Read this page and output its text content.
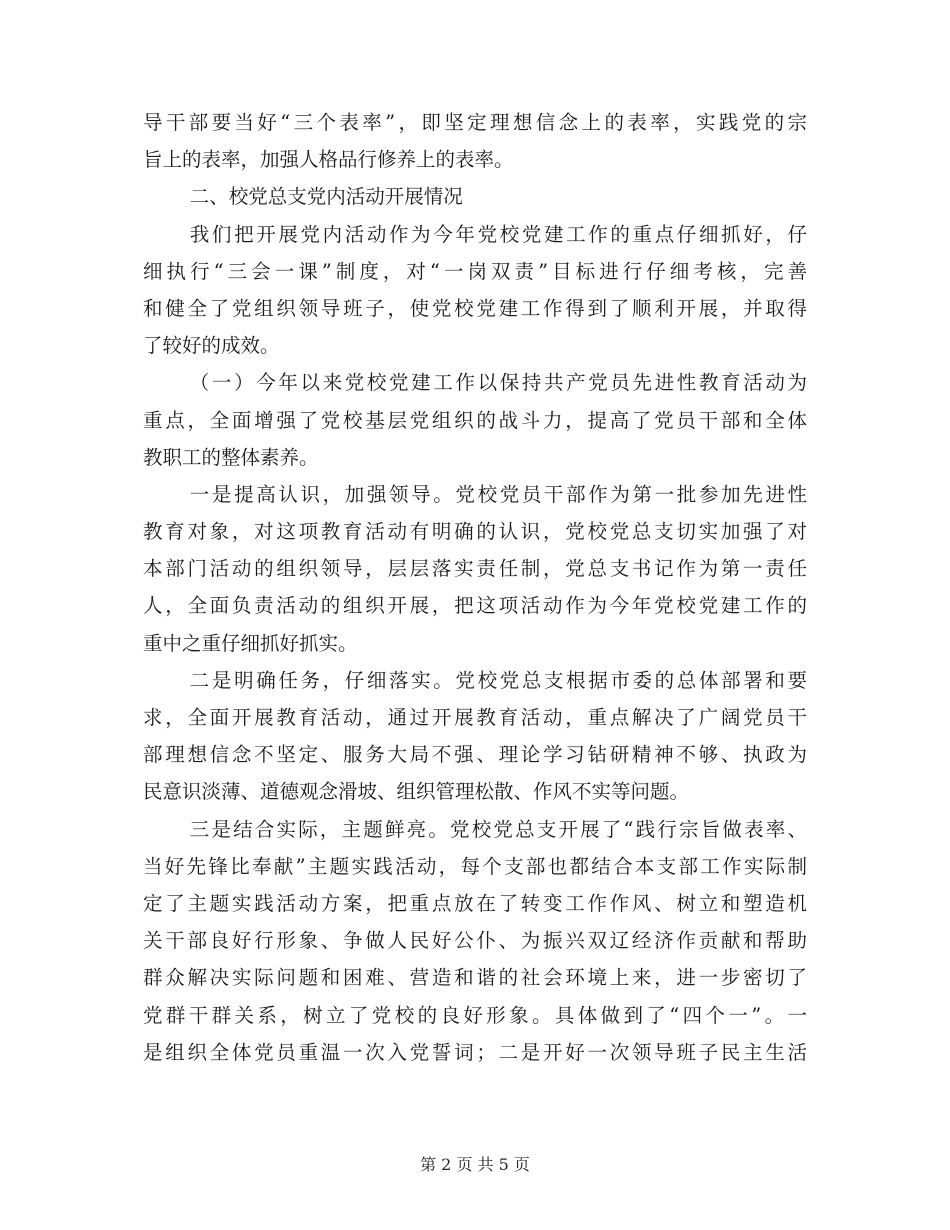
导干部要当好“三个表率”，即坚定理想信念上的表率，实践党的宗
旨上的表率，加强人格品行修养上的表率。
二、校党总支党内活动开展情况
我们把开展党内活动作为今年党校党建工作的重点仔细抓好，仔
细执行“三会一课”制度，对“一岗双责”目标进行仔细考核，完善
和健全了党组织领导班子，使党校党建工作得到了顺利开展，并取得
了较好的成效。
（一）今年以来党校党建工作以保持共产党员先进性教育活动为
重点，全面增强了党校基层党组织的战斗力，提高了党员干部和全体
教职工的整体素养。
一是提高认识，加强领导。党校党员干部作为第一批参加先进性
教育对象，对这项教育活动有明确的认识，党校党总支切实加强了对
本部门活动的组织领导，层层落实责任制，党总支书记作为第一责任
人，全面负责活动的组织开展，把这项活动作为今年党校党建工作的
重中之重仔细抓好抓实。
二是明确任务，仔细落实。党校党总支根据市委的总体部署和要
求，全面开展教育活动，通过开展教育活动，重点解决了广阔党员干
部理想信念不坚定、服务大局不强、理论学习钻研精神不够、执政为
民意识淡薄、道德观念滑坡、组织管理松散、作风不实等问题。
三是结合实际，主题鲜亮。党校党总支开展了“践行宗旨做表率、
当好先锋比奉献”主题实践活动，每个支部也都结合本支部工作实际制
定了主题实践活动方案，把重点放在了转变工作作风、树立和塑造机
关干部良好行形象、争做人民好公仆、为振兴双辽经济作贡献和帮助
群众解决实际问题和困难、营造和谐的社会环境上来，进一步密切了
党群干群关系，树立了党校的良好形象。具体做到了“四个一”。一
是组织全体党员重温一次入党誓词；二是开好一次领导班子民主生活
第 2 页 共 5 页
